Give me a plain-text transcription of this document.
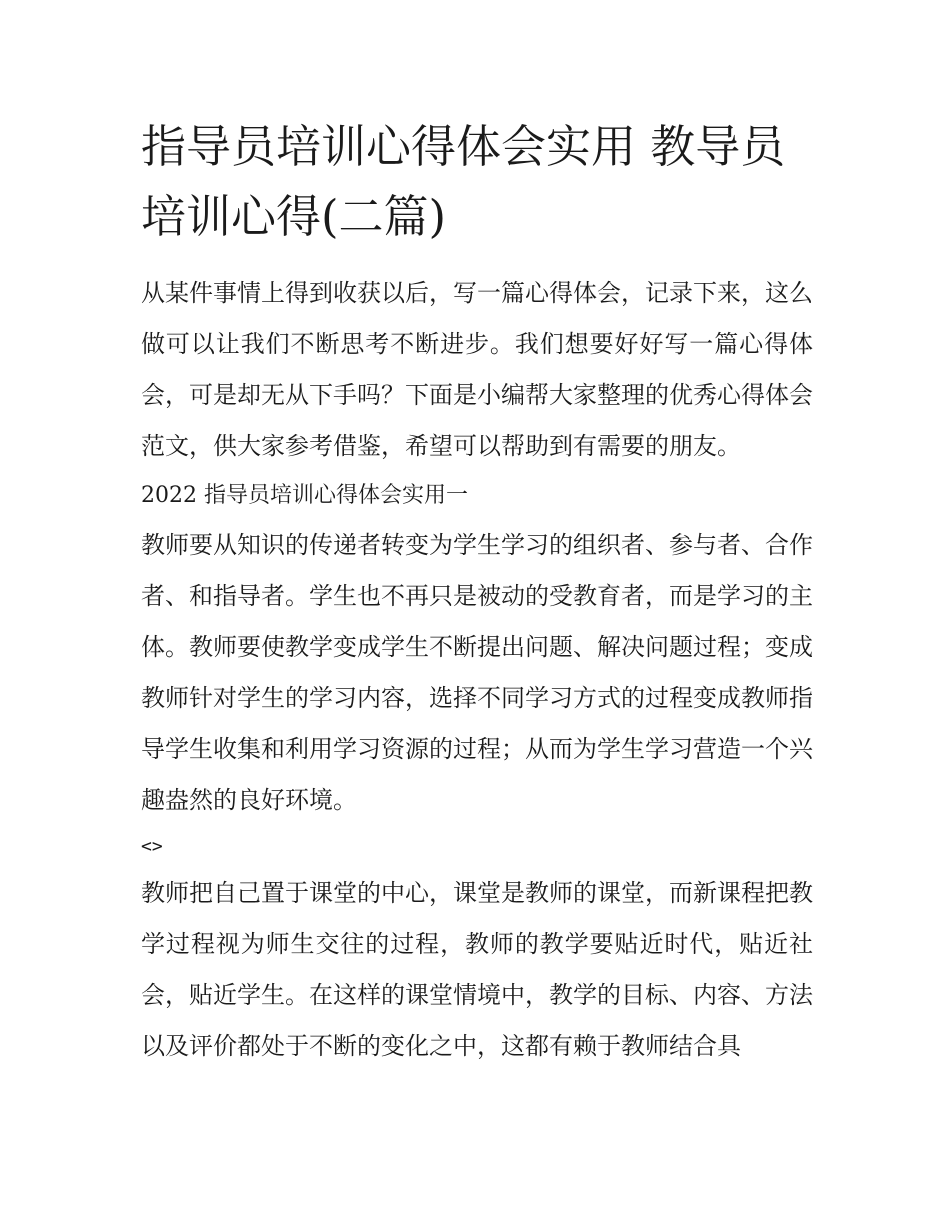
指导员培训心得体会实用 教导员培训心得(二篇)

从某件事情上得到收获以后，写一篇心得体会，记录下来，这么做可以让我们不断思考不断进步。我们想要好好写一篇心得体会，可是却无从下手吗？下面是小编帮大家整理的优秀心得体会范文，供大家参考借鉴，希望可以帮助到有需要的朋友。

2022 指导员培训心得体会实用一

教师要从知识的传递者转变为学生学习的组织者、参与者、合作者、和指导者。学生也不再只是被动的受教育者，而是学习的主体。教师要使教学变成学生不断提出问题、解决问题过程；变成教师针对学生的学习内容，选择不同学习方式的过程变成教师指导学生收集和利用学习资源的过程；从而为学生学习营造一个兴趣盎然的良好环境。

<>

教师把自己置于课堂的中心，课堂是教师的课堂，而新课程把教学过程视为师生交往的过程，教师的教学要贴近时代，贴近社会，贴近学生。在这样的课堂情境中，教学的目标、内容、方法以及评价都处于不断的变化之中，这都有赖于教师结合具
